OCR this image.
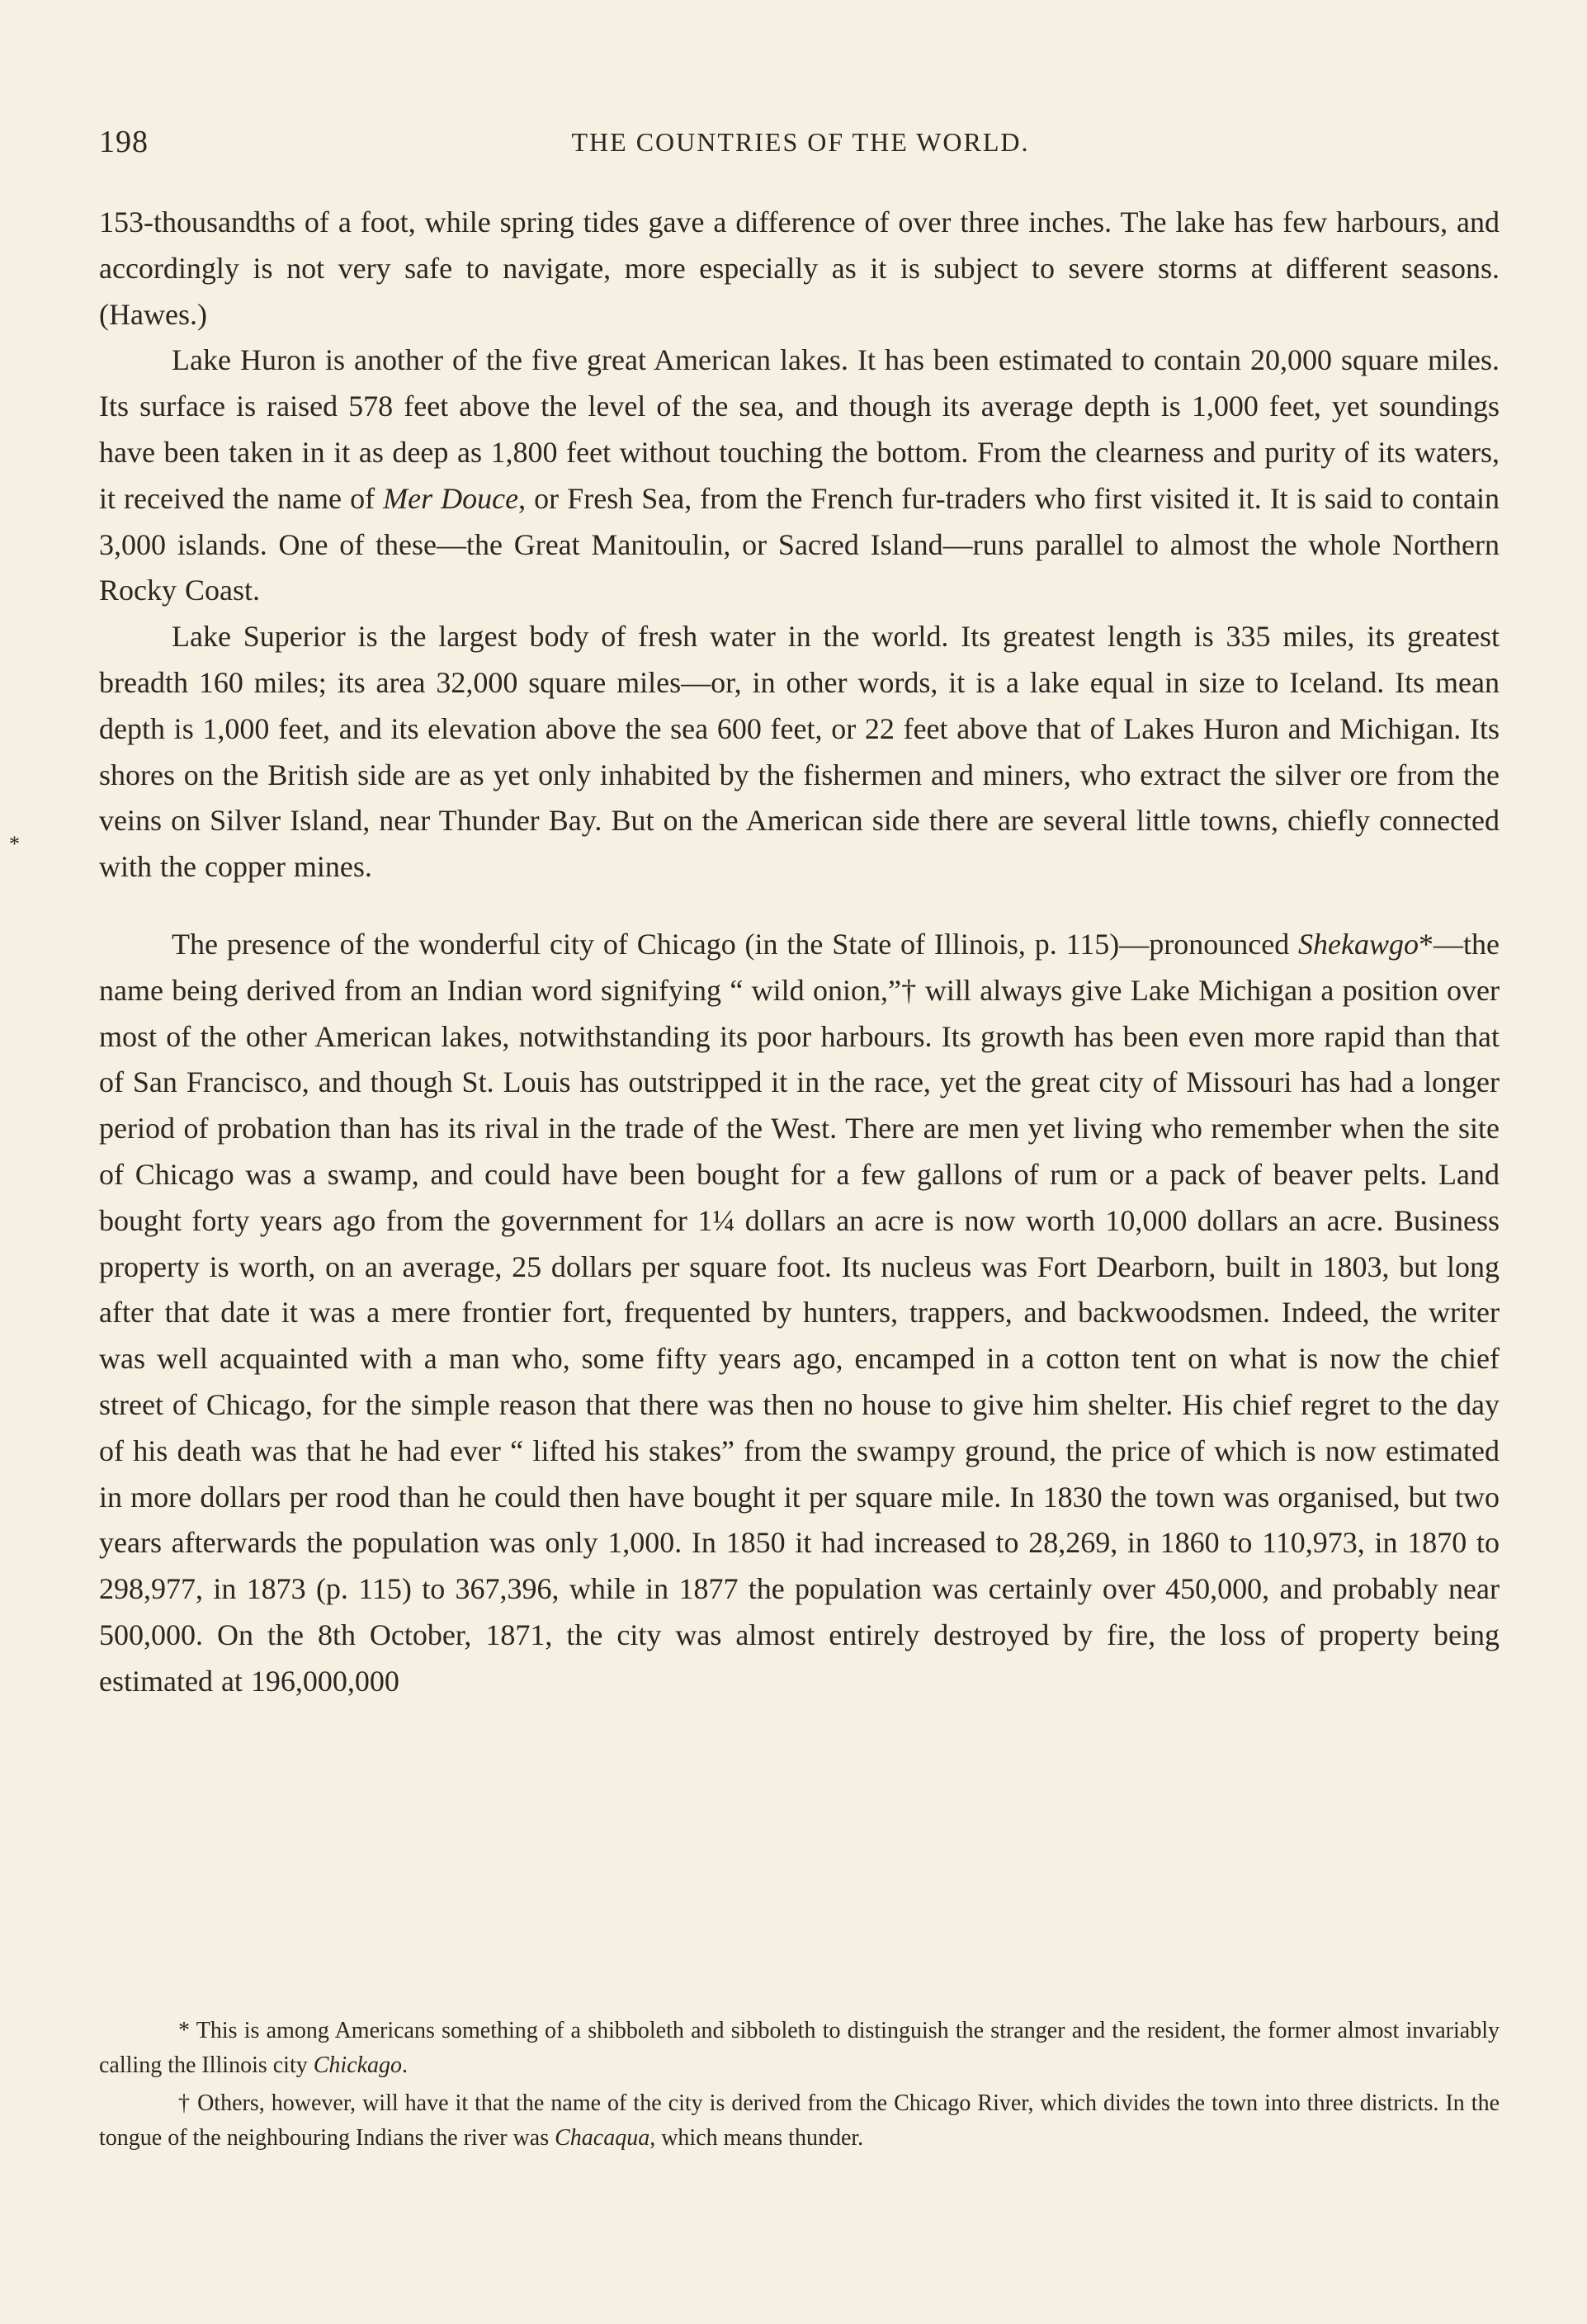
198	THE COUNTRIES OF THE WORLD.
*

153-thousandths of a foot, while spring tides gave a difference of over three inches. The lake has few harbours, and accordingly is not very safe to navigate, more especially as it is subject to severe storms at different seasons. (Hawes.)

Lake Huron is another of the five great American lakes. It has been estimated to contain 20,000 square miles. Its surface is raised 578 feet above the level of the sea, and though its average depth is 1,000 feet, yet soundings have been taken in it as deep as 1,800 feet without touching the bottom. From the clearness and purity of its waters, it received the name of Mer Douce, or Fresh Sea, from the French fur-traders who first visited it. It is said to contain 3,000 islands. One of these—the Great Manitoulin, or Sacred Island—runs parallel to almost the whole Northern Rocky Coast.

Lake Superior is the largest body of fresh water in the world. Its greatest length is 335 miles, its greatest breadth 160 miles; its area 32,000 square miles—or, in other words, it is a lake equal in size to Iceland. Its mean depth is 1,000 feet, and its elevation above the sea 600 feet, or 22 feet above that of Lakes Huron and Michigan. Its shores on the British side are as yet only inhabited by the fishermen and miners, who extract the silver ore from the veins on Silver Island, near Thunder Bay. But on the American side there are several little towns, chiefly connected with the copper mines.

The presence of the wonderful city of Chicago (in the State of Illinois, p. 115)—pronounced Shekawgo*—the name being derived from an Indian word signifying “ wild onion,”† will always give Lake Michigan a position over most of the other American lakes, notwithstanding its poor harbours. Its growth has been even more rapid than that of San Francisco, and though St. Louis has outstripped it in the race, yet the great city of Missouri has had a longer period of probation than has its rival in the trade of the West. There are men yet living who remember when the site of Chicago was a swamp, and could have been bought for a few gallons of rum or a pack of beaver pelts. Land bought forty years ago from the government for 1¼ dollars an acre is now worth 10,000 dollars an acre. Business property is worth, on an average, 25 dollars per square foot. Its nucleus was Fort Dearborn, built in 1803, but long after that date it was a mere frontier fort, frequented by hunters, trappers, and backwoodsmen. Indeed, the writer was well acquainted with a man who, some fifty years ago, encamped in a cotton tent on what is now the chief street of Chicago, for the simple reason that there was then no house to give him shelter. His chief regret to the day of his death was that he had ever “ lifted his stakes” from the swampy ground, the price of which is now estimated in more dollars per rood than he could then have bought it per square mile. In 1830 the town was organised, but two years afterwards the population was only 1,000. In 1850 it had increased to 28,269, in 1860 to 110,973, in 1870 to 298,977, in 1873 (p. 115) to 367,396, while in 1877 the population was certainly over 450,000, and probably near 500,000. On the 8th October, 1871, the city was almost entirely destroyed by fire, the loss of property being estimated at 196,000,000

* This is among Americans something of a shibboleth and sibboleth to distinguish the stranger and the resident, the former almost invariably calling the Illinois city Chickago.

† Others, however, will have it that the name of the city is derived from the Chicago River, which divides the town into three districts. In the tongue of the neighbouring Indians the river was Chacaqua, which means thunder.
